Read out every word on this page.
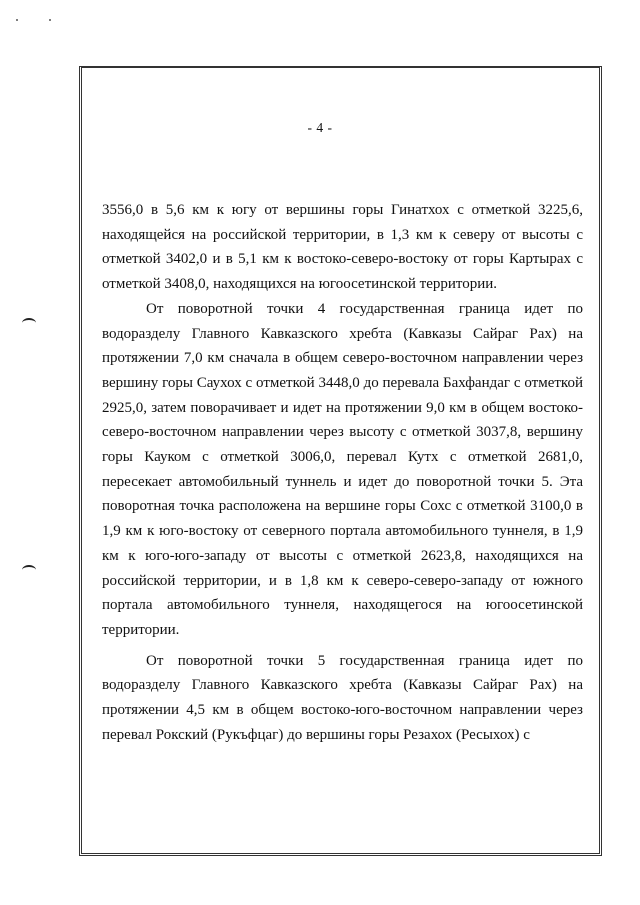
- 4 -

3556,0 в 5,6 км к югу от вершины горы Гинатхох с отметкой 3225,6, находящейся на российской территории, в 1,3 км к северу от высоты с отметкой 3402,0 и в 5,1 км к востоко-северо-востоку от горы Картырах с отметкой 3408,0, находящихся на югоосетинской территории.

От поворотной точки 4 государственная граница идет по водоразделу Главного Кавказского хребта (Кавказы Сайраг Рах) на протяжении 7,0 км сначала в общем северо-восточном направлении через вершину горы Саухох с отметкой 3448,0 до перевала Бахфандаг с отметкой 2925,0, затем поворачивает и идет на протяжении 9,0 км в общем востоко-северо-восточном направлении через высоту с отметкой 3037,8, вершину горы Кауком с отметкой 3006,0, перевал Кутх с отметкой 2681,0, пересекает автомобильный туннель и идет до поворотной точки 5. Эта поворотная точка расположена на вершине горы Сохс с отметкой 3100,0 в 1,9 км к юго-востоку от северного портала автомобильного туннеля, в 1,9 км к юго-юго-западу от высоты с отметкой 2623,8, находящихся на российской территории, и в 1,8 км к северо-северо-западу от южного портала автомобильного туннеля, находящегося на югоосетинской территории.

От поворотной точки 5 государственная граница идет по водоразделу Главного Кавказского хребта (Кавказы Сайраг Рах) на протяжении 4,5 км в общем востоко-юго-восточном направлении через перевал Рокский (Рукъфцаг) до вершины горы Резахох (Ресыхох) с
